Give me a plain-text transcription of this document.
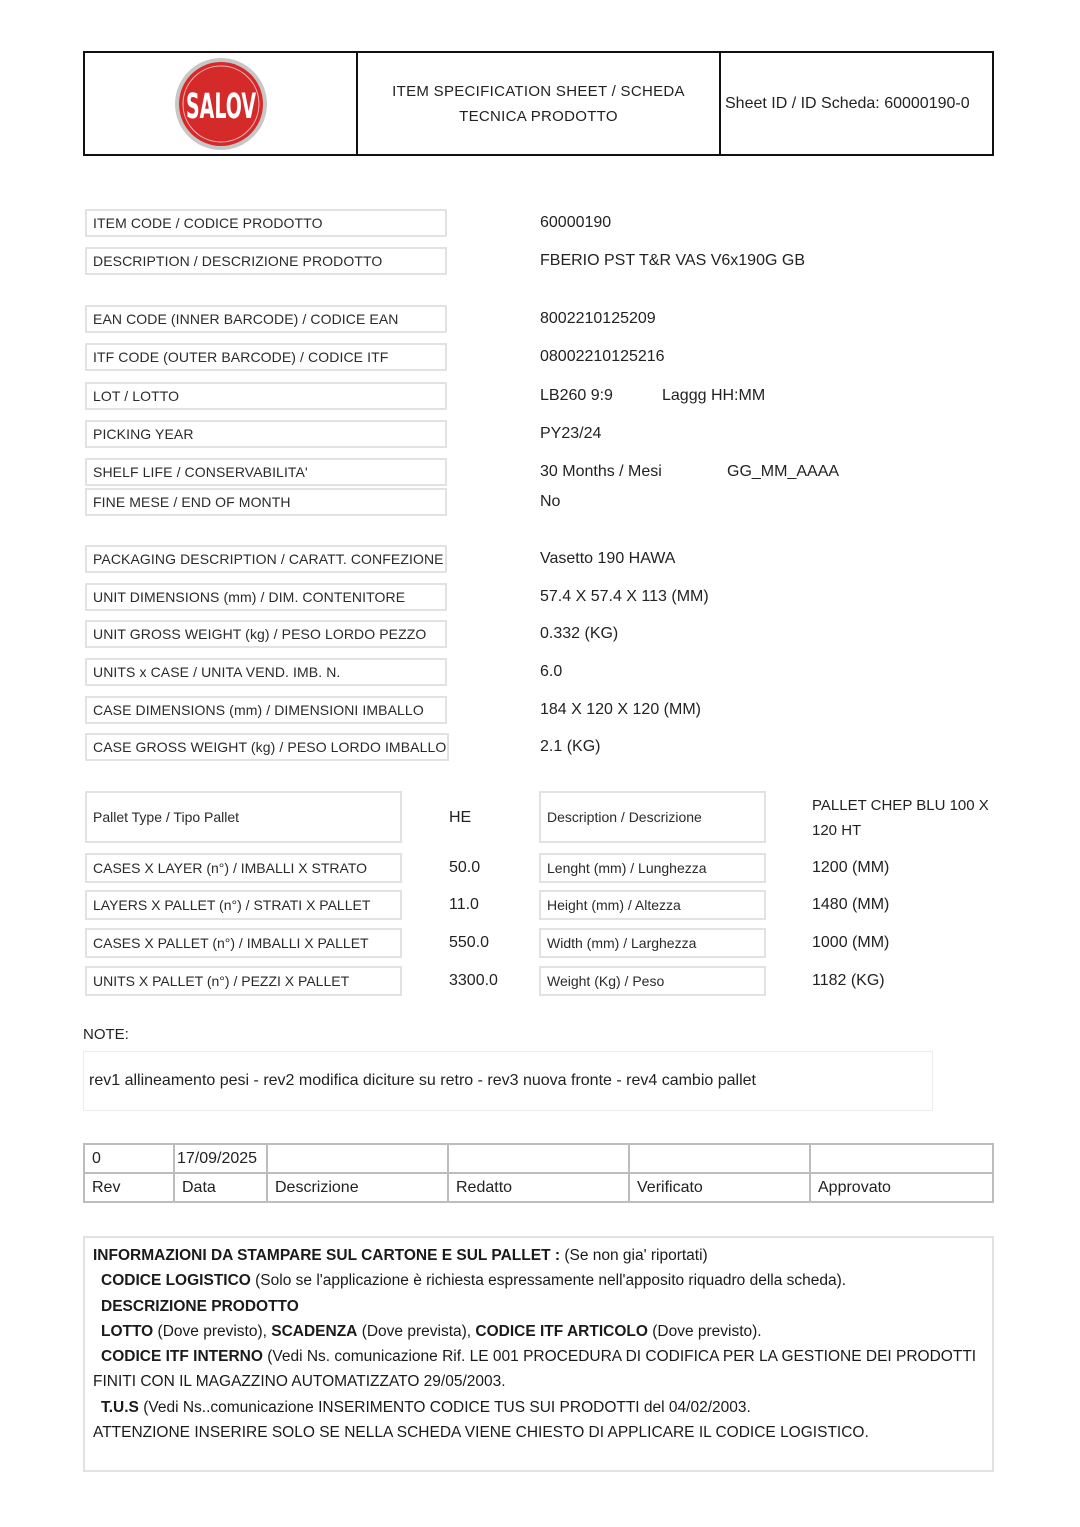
SALOV	ITEM SPECIFICATION SHEET / SCHEDA
TECNICA PRODOTTO
Sheet ID / ID Scheda: 60000190-0
ITEM CODE / CODICE PRODOTTO	60000190
DESCRIPTION / DESCRIZIONE PRODOTTO	FBERIO PST T&R VAS V6x190G GB
EAN CODE (INNER BARCODE) / CODICE EAN	8002210125209
ITF CODE (OUTER BARCODE) / CODICE ITF	08002210125216
LOT / LOTTO	LB260 9:9	Laggg HH:MM
PICKING YEAR	PY23/24
SHELF LIFE / CONSERVABILITA'	30 Months / Mesi	GG_MM_AAAA
FINE MESE / END OF MONTH	No
PACKAGING DESCRIPTION / CARATT. CONFEZIONE	Vasetto 190 HAWA
UNIT DIMENSIONS (mm) / DIM. CONTENITORE	57.4 X 57.4 X 113 (MM)
UNIT GROSS WEIGHT (kg) / PESO LORDO PEZZO	0.332 (KG)
UNITS x CASE / UNITA VEND. IMB. N.	6.0
CASE DIMENSIONS (mm) / DIMENSIONI IMBALLO	184 X 120 X 120 (MM)
CASE GROSS WEIGHT (kg) / PESO LORDO IMBALLO	2.1 (KG)
Pallet Type / Tipo Pallet	HE	Description / Descrizione
PALLET CHEP BLU 100 X
120 HT
CASES X LAYER (n°) / IMBALLI X STRATO	50.0	Lenght (mm) / Lunghezza	1200 (MM)
LAYERS X PALLET (n°) / STRATI X PALLET	11.0	Height (mm) / Altezza	1480 (MM)
CASES X PALLET (n°) / IMBALLI X PALLET	550.0	Width (mm) / Larghezza	1000 (MM)
UNITS X PALLET (n°) / PEZZI X PALLET	3300.0	Weight (Kg) / Peso	1182 (KG)
NOTE:
rev1 allineamento pesi - rev2 modifica diciture su retro - rev3 nuova fronte - rev4 cambio pallet
0	17/09/2025				
Rev	Data	Descrizione	Redatto	Verificato	Approvato

INFORMAZIONI DA STAMPARE SUL CARTONE E SUL PALLET : (Se non gia' riportati)

CODICE LOGISTICO (Solo se l'applicazione è richiesta espressamente nell'apposito riquadro della scheda).

DESCRIZIONE PRODOTTO

LOTTO (Dove previsto), SCADENZA (Dove prevista), CODICE ITF ARTICOLO (Dove previsto).

CODICE ITF INTERNO (Vedi Ns. comunicazione Rif. LE 001 PROCEDURA DI CODIFICA PER LA GESTIONE DEI PRODOTTI

FINITI CON IL MAGAZZINO AUTOMATIZZATO 29/05/2003.

T.U.S (Vedi Ns..comunicazione INSERIMENTO CODICE TUS SUI PRODOTTI del 04/02/2003.

ATTENZIONE INSERIRE SOLO SE NELLA SCHEDA VIENE CHIESTO DI APPLICARE IL CODICE LOGISTICO.
